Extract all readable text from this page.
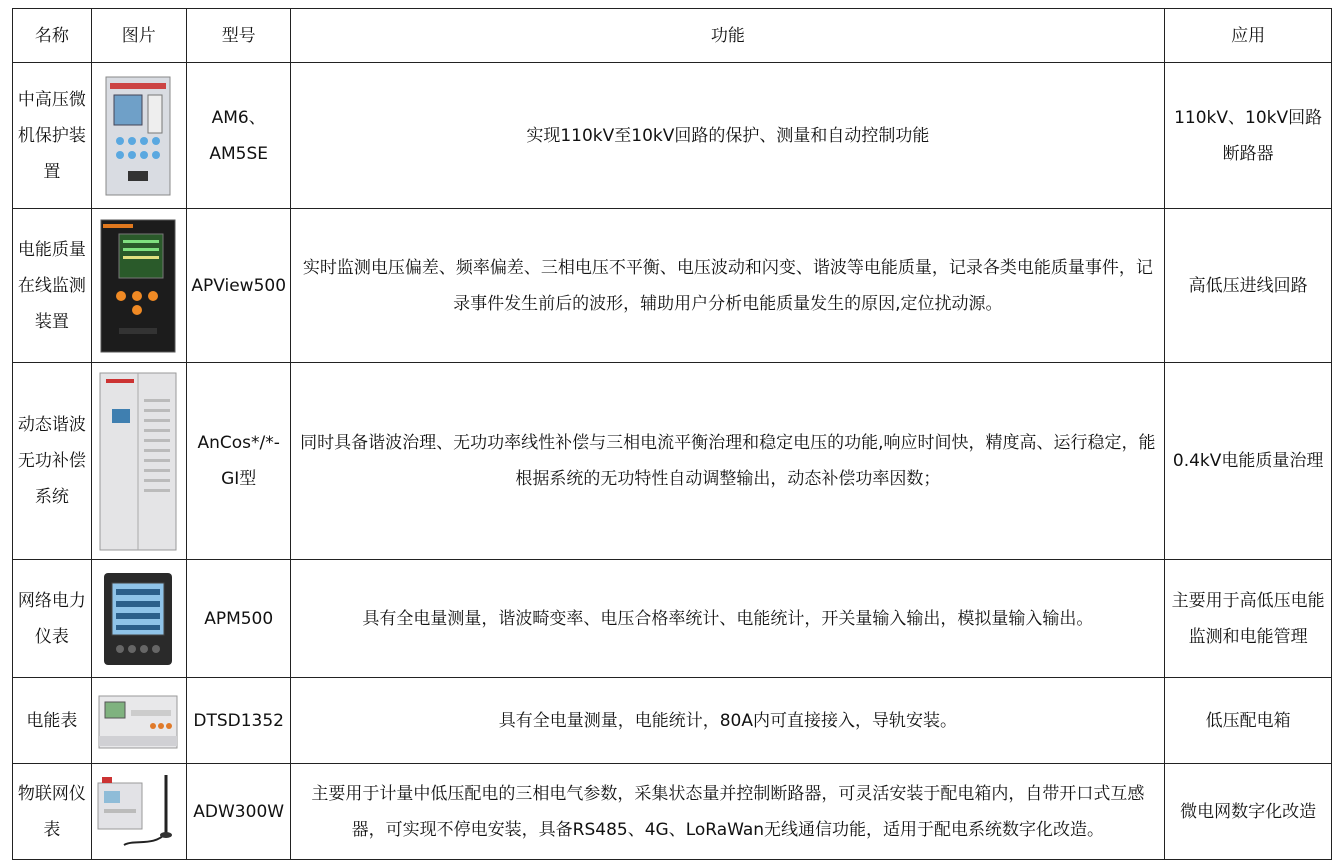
名称	图片	型号	功能	应用
中高压微机保护装置		AM6、AM5SE	实现110kV至10kV回路的保护、测量和自动控制功能	110kV、10kV回路断路器
电能质量在线监测装置		APView500	实时监测电压偏差、频率偏差、三相电压不平衡、电压波动和闪变、谐波等电能质量，记录各类电能质量事件，记录事件发生前后的波形，辅助用户分析电能质量发生的原因,定位扰动源。	高低压进线回路
动态谐波无功补偿系统		AnCos*/*-GⅠ型	同时具备谐波治理、无功功率线性补偿与三相电流平衡治理和稳定电压的功能,响应时间快，精度高、运行稳定，能根据系统的无功特性自动调整输出，动态补偿功率因数；	0.4kV电能质量治理
网络电力仪表		APM500	具有全电量测量，谐波畸变率、电压合格率统计、电能统计，开关量输入输出，模拟量输入输出。	主要用于高低压电能监测和电能管理
电能表		DTSD1352	具有全电量测量，电能统计，80A内可直接接入，导轨安装。	低压配电箱
物联网仪表		ADW300W	主要用于计量中低压配电的三相电气参数，采集状态量并控制断路器，可灵活安装于配电箱内，自带开口式互感器，可实现不停电安装，具备RS485、4G、LoRaWan无线通信功能，适用于配电系统数字化改造。	微电网数字化改造
